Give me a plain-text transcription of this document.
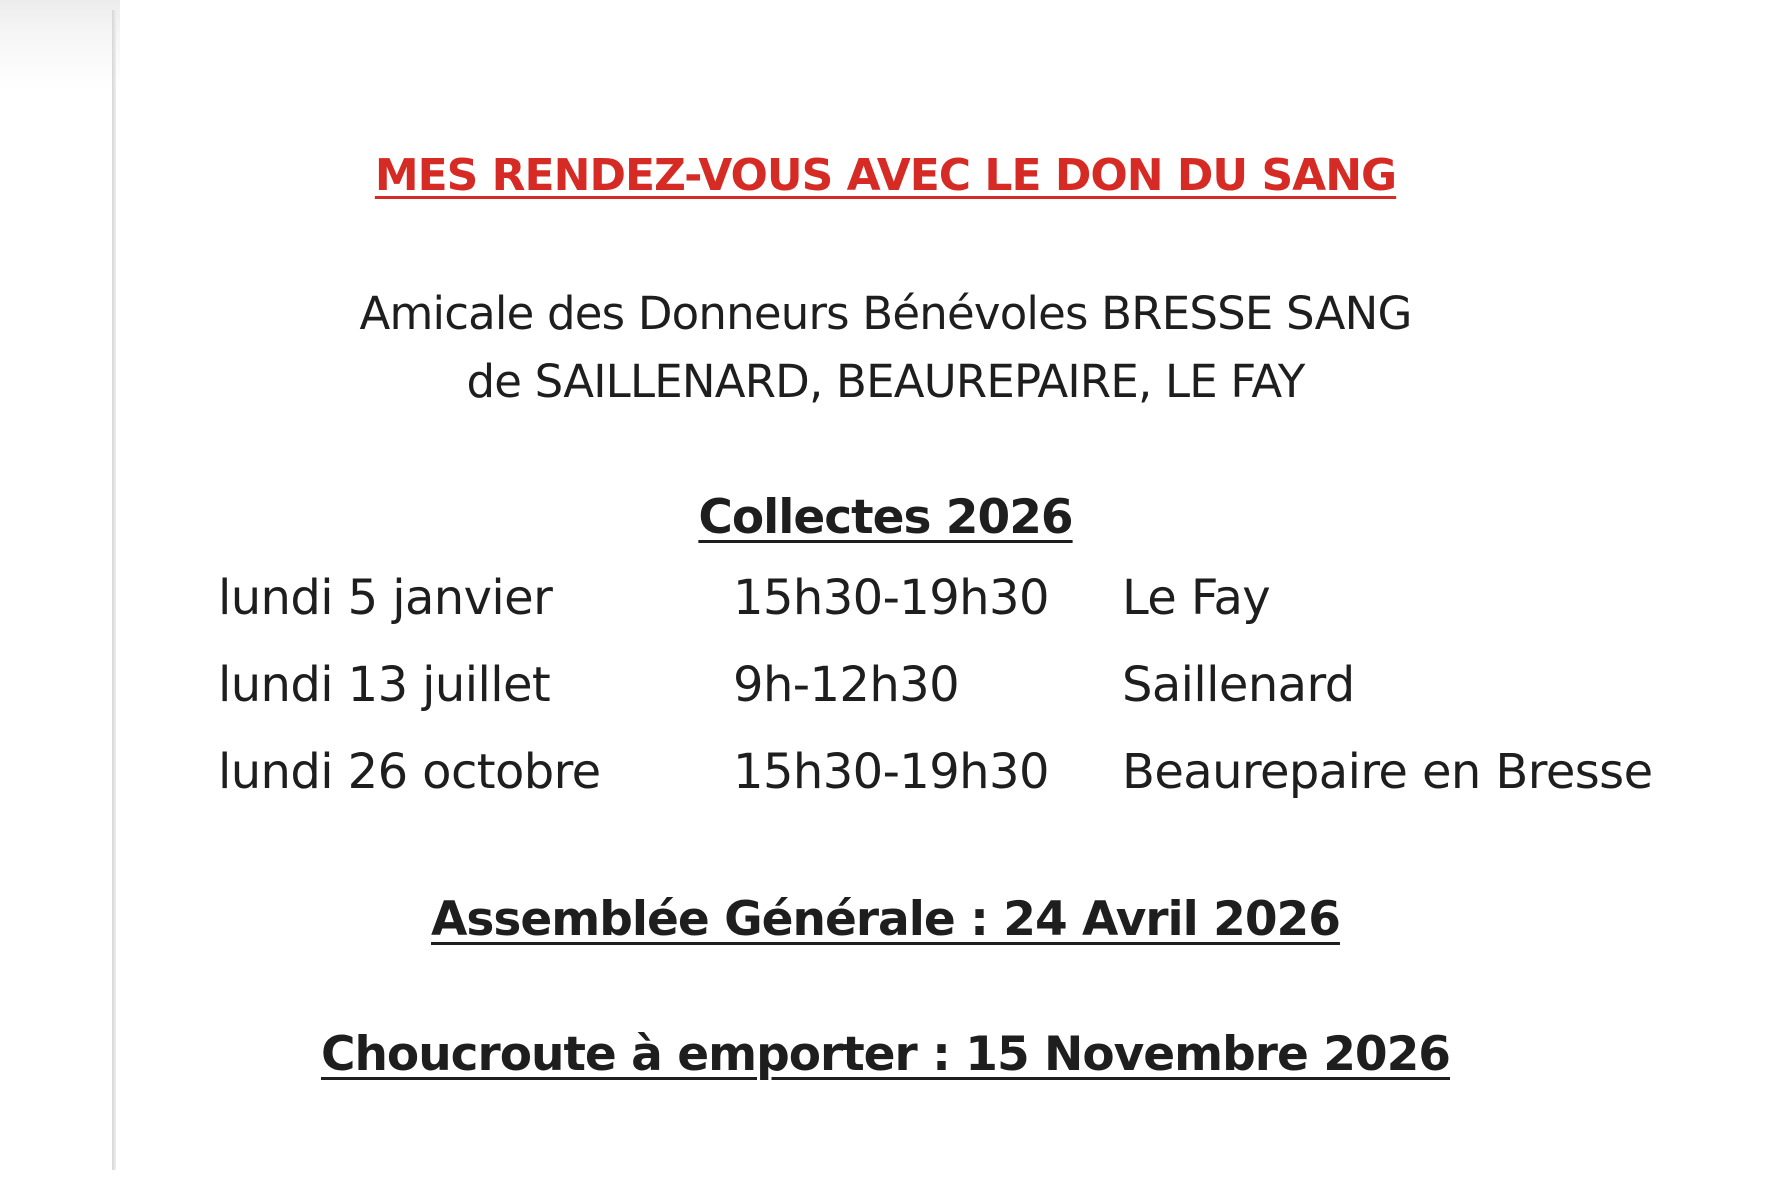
MES RENDEZ-VOUS AVEC LE DON DU SANG
Amicale des Donneurs Bénévoles BRESSE SANG
de SAILLENARD, BEAUREPAIRE, LE FAY
Collectes 2026
lundi 5 janvier	15h30-19h30 Le Fay
lundi 13 juillet	9h-12h30	Saillenard
lundi 26 octobre	15h30-19h30 Beaurepaire en Bresse
Assemblée Générale : 24 Avril 2026
Choucroute à emporter : 15 Novembre 2026
